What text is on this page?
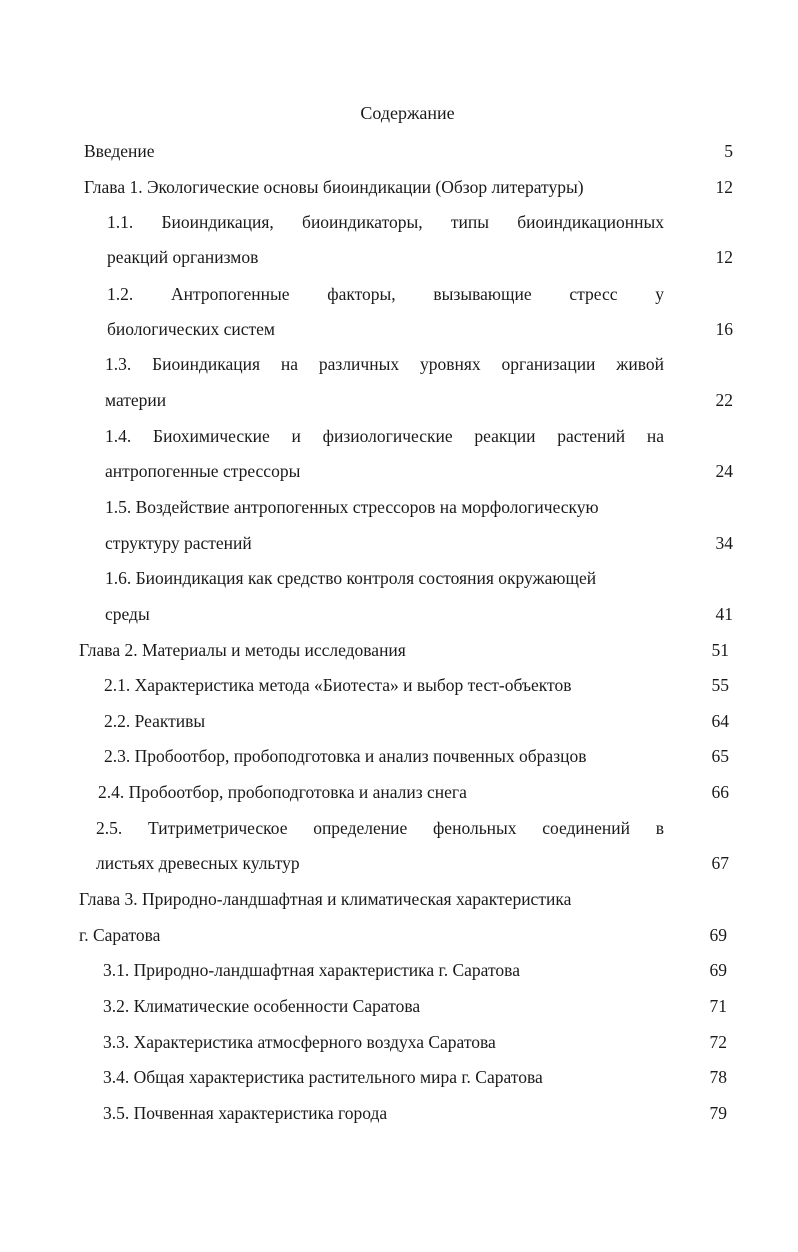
Содержание
Введение	5
Глава 1. Экологические основы биоиндикации (Обзор литературы)	12
1.1. Биоиндикация, биоиндикаторы, типы биоиндикационных
реакций организмов	12
1.2. Антропогенные факторы, вызывающие стресс у
биологических систем	16
1.3. Биоиндикация на различных уровнях организации живой
материи	22
1.4. Биохимические и физиологические реакции растений на
антропогенные стрессоры	24
1.5. Воздействие антропогенных стрессоров на морфологическую
структуру растений	34
1.6. Биоиндикация как средство контроля состояния окружающей
среды	41
Глава 2. Материалы и методы исследования	51
2.1. Характеристика метода «Биотеста» и выбор тест-объектов	55
2.2. Реактивы	64
2.3. Пробоотбор, пробоподготовка и анализ почвенных образцов	65
2.4. Пробоотбор, пробоподготовка и анализ снега	66
2.5. Титриметрическое определение фенольных соединений в
листьях древесных культур	67
Глава 3. Природно-ландшафтная и климатическая характеристика
г. Саратова	69
3.1. Природно-ландшафтная характеристика г. Саратова	69
3.2. Климатические особенности Саратова	71
3.3. Характеристика атмосферного воздуха Саратова	72
3.4. Общая характеристика растительного мира г. Саратова	78
3.5. Почвенная характеристика города	79
